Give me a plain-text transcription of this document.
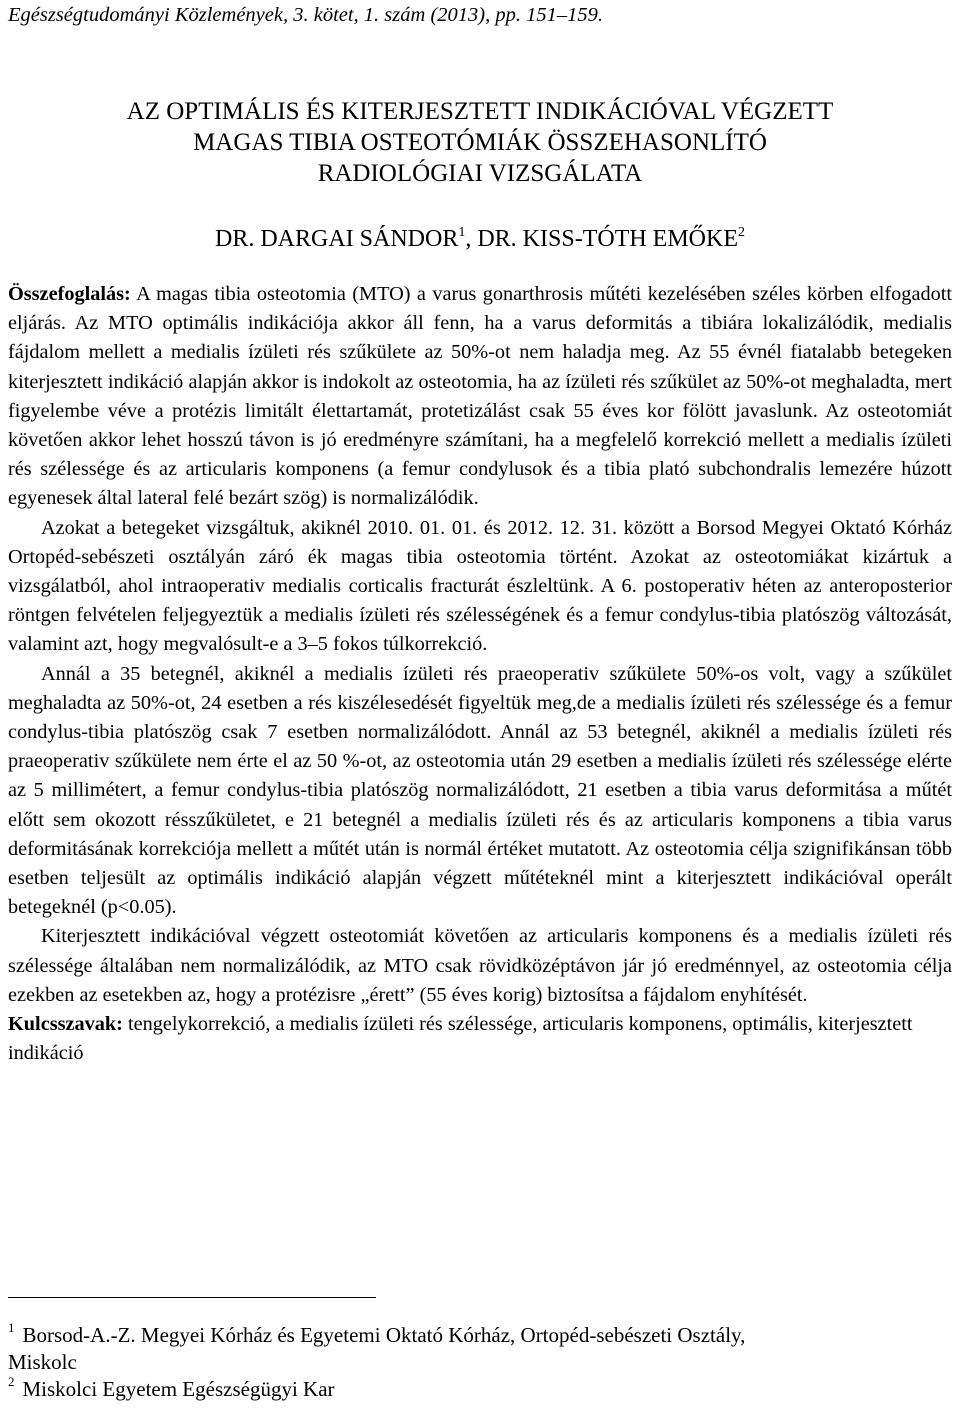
Egészségtudományi Közlemények, 3. kötet, 1. szám (2013), pp. 151–159.

AZ OPTIMÁLIS ÉS KITERJESZTETT INDIKÁCIÓVAL VÉGZETT
MAGAS TIBIA OSTEOTÓMIÁK ÖSSZEHASONLÍTÓ
RADIOLÓGIAI VIZSGÁLATA
DR. DARGAI SÁNDOR$^1$, DR. KISS-TÓTH EMŐKE$^2$

Összefoglalás: A magas tibia osteotomia (MTO) a varus gonarthrosis műtéti kezelésében széles körben elfogadott eljárás. Az MTO optimális indikációja akkor áll fenn, ha a varus deformitás a tibiára lokalizálódik, medialis fájdalom mellett a medialis ízületi rés szűkülete az 50%-ot nem haladja meg. Az 55 évnél fiatalabb betegeken kiterjesztett indikáció alapján akkor is indokolt az osteotomia, ha az ízületi rés szűkület az 50%-ot meghaladta, mert figyelembe véve a protézis limitált élettartamát, protetizálást csak 55 éves kor fölött javaslunk. Az osteotomiát követően akkor lehet hosszú távon is jó eredményre számítani, ha a megfelelő korrekció mellett a medialis ízületi rés szélessége és az articularis komponens (a femur condylusok és a tibia plató subchondralis lemezére húzott egyenesek által lateral felé bezárt szög) is normalizálódik.

Azokat a betegeket vizsgáltuk, akiknél 2010. 01. 01. és 2012. 12. 31. között a Borsod Megyei Oktató Kórház Ortopéd-sebészeti osztályán záró ék magas tibia osteotomia történt. Azokat az osteotomiákat kizártuk a vizsgálatból, ahol intraoperativ medialis corticalis fracturát észleltünk. A 6. postoperativ héten az anteroposterior röntgen felvételen feljegyeztük a medialis ízületi rés szélességének és a femur condylus-tibia platószög változását, valamint azt, hogy megvalósult-e a 3–5 fokos túlkorrekció.

Annál a 35 betegnél, akiknél a medialis ízületi rés praeoperativ szűkülete 50%-os volt, vagy a szűkület meghaladta az 50%-ot, 24 esetben a rés kiszélesedését figyeltük meg,de a medialis ízületi rés szélessége és a femur condylus-tibia platószög csak 7 esetben normalizálódott. Annál az 53 betegnél, akiknél a medialis ízületi rés praeoperativ szűkülete nem érte el az 50 %-ot, az osteotomia után 29 esetben a medialis ízületi rés szélessége elérte az 5 millimétert, a femur condylus-tibia platószög normalizálódott, 21 esetben a tibia varus deformitása a műtét előtt sem okozott résszűkületet, e 21 betegnél a medialis ízületi rés és az articularis komponens a tibia varus deformitásának korrekciója mellett a műtét után is normál értéket mutatott. Az osteotomia célja szignifikánsan több esetben teljesült az optimális indikáció alapján végzett műtéteknél mint a kiterjesztett indikációval operált betegeknél (p<0.05).

Kiterjesztett indikációval végzett osteotomiát követően az articularis komponens és a medialis ízületi rés szélessége általában nem normalizálódik, az MTO csak rövidközéptávon jár jó eredménnyel, az osteotomia célja ezekben az esetekben az, hogy a protézisre „érett” (55 éves korig) biztosítsa a fájdalom enyhítését.

Kulcsszavak: tengelykorrekció, a medialis ízületi rés szélessége, articularis komponens, optimális, kiterjesztett indikáció

$^1$ Borsod-A.-Z. Megyei Kórház és Egyetemi Oktató Kórház, Ortopéd-sebészeti Osztály,
Miskolc

$^2$ Miskolci Egyetem Egészségügyi Kar
